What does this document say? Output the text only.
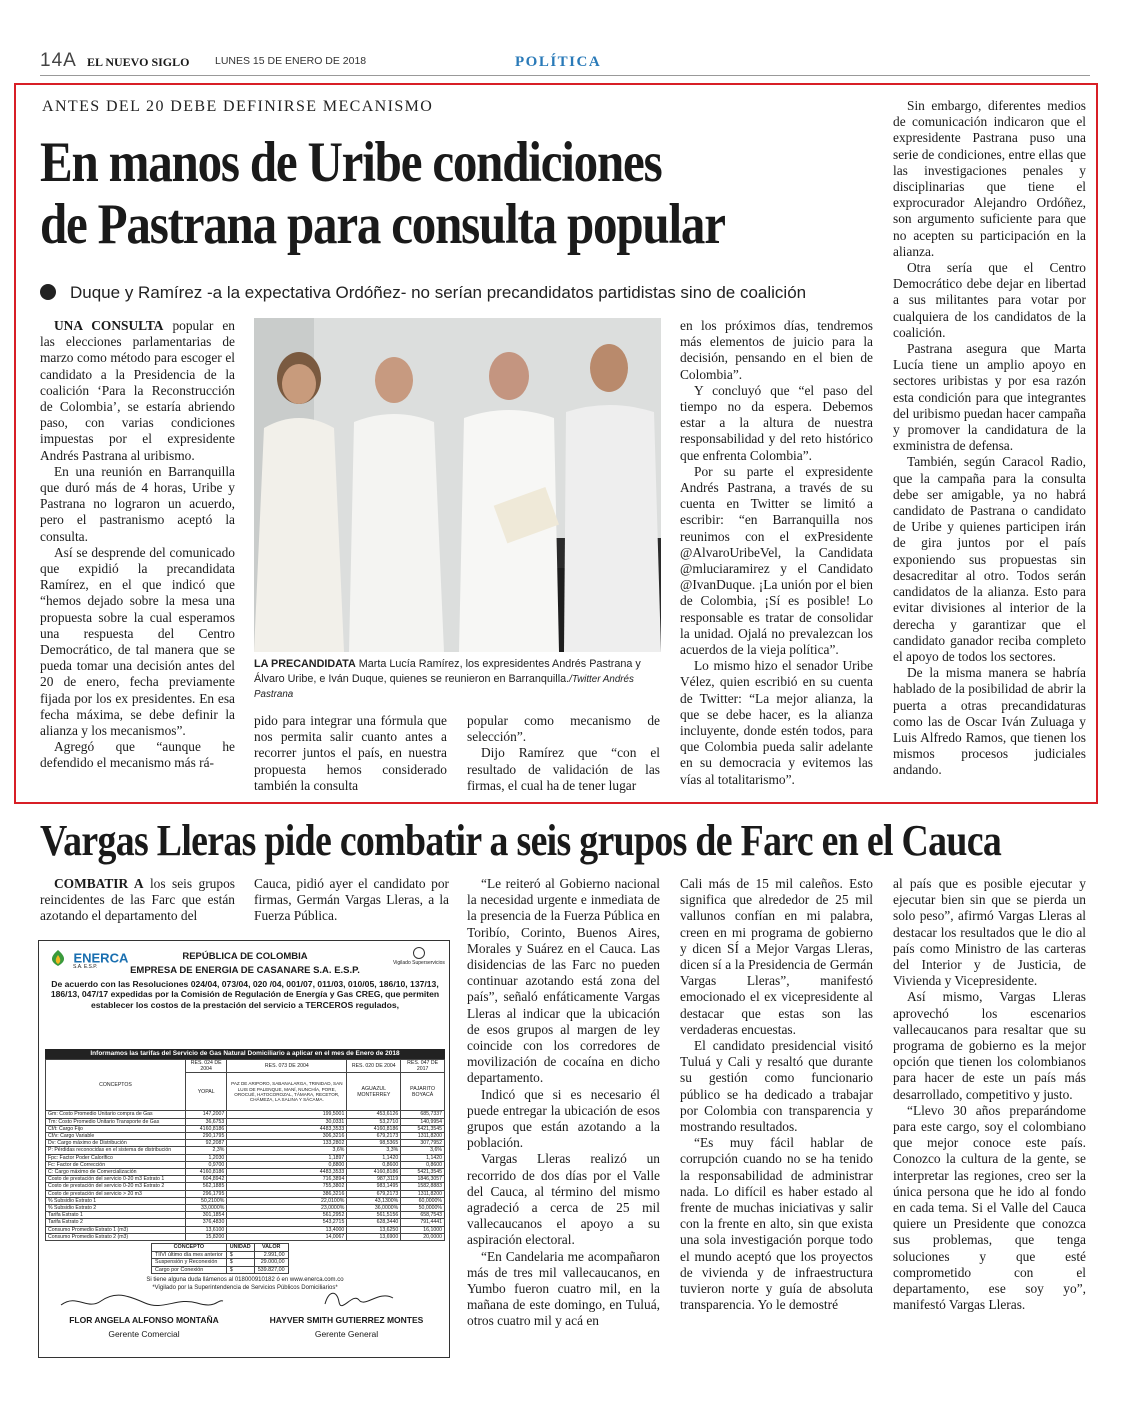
14A EL NUEVO SIGLO LUNES 15 DE ENERO DE 2018	POLÍTICA
ANTES DEL 20 DEBE DEFINIRSE MECANISMO
En manos de Uribe condiciones
de Pastrana para consulta popular
Duque y Ramírez -a la expectativa Ordóñez- no serían precandidatos partidistas sino de coalición

UNA CONSULTA popular en las elecciones parlamentarias de marzo como método para escoger el candidato a la Presidencia de la coalición ‘Para la Reconstrucción de Colombia’, se estaría abriendo paso, con varias condiciones impuestas por el expresidente Andrés Pastrana al uribismo.

En una reunión en Barranquilla que duró más de 4 horas, Uribe y Pastrana no lograron un acuerdo, pero el pastranismo aceptó la consulta.

Así se desprende del comunicado que expidió la precandidata Ramírez, en el que indicó que “hemos dejado sobre la mesa una propuesta sobre la cual esperamos una respuesta del Centro Democrático, de tal manera que se pueda tomar una decisión antes del 20 de enero, fecha previamente fijada por los ex presidentes. En esa fecha máxima, se debe definir la alianza y los mecanismos”.

Agregó que “aunque he defendido el mecanismo más rá-

LA PRECANDIDATA Marta Lucía Ramírez, los expresidentes Andrés Pastrana y Álvaro Uribe, e Iván Duque, quienes se reunieron en Barranquilla./Twitter Andrés Pastrana

pido para integrar una fórmula que nos permita salir cuanto antes a recorrer juntos el país, en nuestra propuesta hemos considerado también la consulta

popular como mecanismo de selección”.

Dijo Ramírez que “con el resultado de validación de las firmas, el cual ha de tener lugar

en los próximos días, tendremos más elementos de juicio para la decisión, pensando en el bien de Colombia”.

Y concluyó que “el paso del tiempo no da espera. Debemos estar a la altura de nuestra responsabilidad y del reto histórico que enfrenta Colombia”.

Por su parte el expresidente Andrés Pastrana, a través de su cuenta en Twitter se limitó a escribir: “en Barranquilla nos reunimos con el exPresidente @AlvaroUribeVel, la Candidata @mluciaramirez y el Candidato @IvanDuque. ¡La unión por el bien de Colombia, ¡Sí es posible! Lo responsable es tratar de consolidar la unidad. Ojalá no prevalezcan los acuerdos de la vieja política”.

Lo mismo hizo el senador Uribe Vélez, quien escribió en su cuenta de Twitter: “La mejor alianza, la que se debe hacer, es la alianza incluyente, donde estén todos, para que Colombia pueda salir adelante en su democracia y evitemos las vías al totalitarismo”.

Sin embargo, diferentes medios de comunicación indicaron que el expresidente Pastrana puso una serie de condiciones, entre ellas que las investigaciones penales y disciplinarias que tiene el exprocurador Alejandro Ordóñez, son argumento suficiente para que no acepten su participación en la alianza.

Otra sería que el Centro Democrático debe dejar en libertad a sus militantes para votar por cualquiera de los candidatos de la coalición.

Pastrana asegura que Marta Lucía tiene un amplio apoyo en sectores uribistas y por esa razón esta condición para que integrantes del uribismo puedan hacer campaña y promover la candidatura de la exministra de defensa.

También, según Caracol Radio, que la campaña para la consulta debe ser amigable, ya no habrá candidato de Pastrana o candidato de Uribe y quienes participen irán de gira juntos por el país exponiendo sus propuestas sin desacreditar al otro. Todos serán candidatos de la alianza. Esto para evitar divisiones al interior de la derecha y garantizar que el candidato ganador reciba completo el apoyo de todos los sectores.

De la misma manera se habría hablado de la posibilidad de abrir la puerta a otras precandidaturas como las de Oscar Iván Zuluaga y Luis Alfredo Ramos, que tienen los mismos procesos judiciales andando.

Vargas Lleras pide combatir a seis grupos de Farc en el Cauca

COMBATIR A los seis grupos reincidentes de las Farc que están azotando el departamento del

Cauca, pidió ayer el candidato por firmas, Germán Vargas Lleras, a la Fuerza Pública.

“Le reiteró al Gobierno nacional la necesidad urgente e inmediata de la presencia de la Fuerza Pública en Toribío, Corinto, Buenos Aires, Morales y Suárez en el Cauca. Las disidencias de las Farc no pueden continuar azotando está zona del país”, señaló enfáticamente Vargas Lleras al indicar que la ubicación de esos grupos al margen de ley coincide con los corredores de movilización de cocaína en dicho departamento.

Indicó que si es necesario él puede entregar la ubicación de esos grupos que están azotando a la población.

Vargas Lleras realizó un recorrido de dos días por el Valle del Cauca, al término del mismo agradeció a cerca de 25 mil vallecaucanos el apoyo a su aspiración electoral.

“En Candelaria me acompañaron más de tres mil vallecaucanos, en Yumbo fueron cuatro mil, en la mañana de este domingo, en Tuluá, otros cuatro mil y acá en

Cali más de 15 mil caleños. Esto significa que alrededor de 25 mil vallunos confían en mi palabra, creen en mi programa de gobierno y dicen SÍ a Mejor Vargas Lleras, dicen sí a la Presidencia de Germán Vargas Lleras”, manifestó emocionado el ex vicepresidente al destacar que estas son las verdaderas encuestas.

El candidato presidencial visitó Tuluá y Cali y resaltó que durante su gestión como funcionario público se ha dedicado a trabajar por Colombia con transparencia y mostrando resultados.

“Es muy fácil hablar de corrupción cuando no se ha tenido la responsabilidad de administrar nada. Lo difícil es haber estado al frente de muchas iniciativas y salir con la frente en alto, sin que exista una sola investigación porque todo el mundo aceptó que los proyectos de vivienda y de infraestructura tuvieron norte y guía de absoluta transparencia. Yo le demostré

al país que es posible ejecutar y ejecutar bien sin que se pierda un solo peso”, afirmó Vargas Lleras al destacar los resultados que le dio al país como Ministro de las carteras del Interior y de Justicia, de Vivienda y Vicepresidente.

Así mismo, Vargas Lleras aprovechó los escenarios vallecaucanos para resaltar que su programa de gobierno es la mejor opción que tienen los colombianos para hacer de este un país más desarrollado, competitivo y justo.

“Llevo 30 años preparándome para este cargo, soy el colombiano que mejor conoce este país. Conozco la cultura de la gente, se interpretar las regiones, creo ser la única persona que he ido al fondo en cada tema. Si el Valle del Cauca quiere un Presidente que conozca sus problemas, que tenga soluciones y que esté comprometido con el departamento, ese soy yo”, manifestó Vargas Lleras.

ENERCA
S.A. E.S.P.
REPÚBLICA DE COLOMBIA
EMPRESA DE ENERGIA DE CASANARE S.A. E.S.P.
Vigilado Superservicios
De acuerdo con las Resoluciones 024/04, 073/04, 020 /04, 001/07, 011/03, 010/05, 186/10, 137/13, 186/13, 047/17 expedidas por la Comisión de Regulación de Energía y Gas CREG, que permiten establecer los costos de la prestación del servicio a TERCEROS regulados,
Informamos las tarifas del Servicio de Gas Natural Domiciliario a aplicar en el mes de Enero de 2018
CONCEPTOS	RES. 024 DE 2004	RES. 073 DE 2004	RES. 020 DE 2004	RES. 047 DE 2017
	YOPAL	PAZ DE ARIPORO, SABANALARGA, TRINIDAD, SAN LUIS DE PALENQUE, MANÍ, NUNCHÍA, PORE, OROCUÉ, HATOCOROZAL, TÁMARA, RECETOR, CHÁMEZA, LA SALINA Y SÁCAMA.	AGUAZUL MONTERREY	PAJARITO BOYACÁ
Gm: Costo Promedio Unitario compra de Gas	147,2007	199,5001	453,6126	685,7337
Tm: Costo Promedio Unitario Transporte de Gas	36,6753	30,0331	53,2710	140,9954
Cf/t: Cargo Fijo	4160,8186	4483,3533	4160,8186	5421,3545
Cf/v: Cargo Variable	290,1795	306,3216	679,2173	1311,8200
Dv: Cargo máximo de Distribución	92,2087	133,2802	98,5365	307,7952
P: Pérdidas reconocidas en el sistema de distribución	2,3%	3,6%	3,3%	3,6%
Fpc: Factor Poder Calorífico	1,2030	1,1897	1,1420	1,1420
Fc: Factor de Corrección	0,9700	0,8800	0,8600	0,8600
C: Cargo máximo de Comercialización	4160,8186	4483,3533	4160,8186	5421,3545
Costo de prestación del servicio 0-20 m3 Estrato 1	604,8942	716,3894	987,3119	1846,3057
Costo de prestación del servicio 0-20 m3 Estrato 2	562,1885	755,3802	983,1495	1582,8883
Costo de prestación del servicio > 20 m3	296,1795	386,3216	679,2173	1311,8200
% Subsidio Estrato 1	50,2100%	22,0100%	43,1300%	60,0000%
% Subsidio Estrato 2	33,0000%	23,0000%	36,0000%	50,0000%
Tarifa Estrato 1	301,1854	561,2952	561,5156	658,7543
Tarifa Estrato 2	376,4830	543,2715	628,3440	791,4441
Consumo Promedio Estrato 1 (m3)	13,6100	13,4000	13,6250	16,1000
Consumo Promedio Estrato 2 (m3)	15,8200	14,0067	13,6900	20,0000
CONCEPTO	UNIDAD	VALOR
TIIVI último día mes anterior	$	2.991,00
Suspensión y Reconexión	$	29.000,00
Cargo por Conexión	$	539.827,00
Si tiene alguna duda llámenos al 018000910182 ó en www.enerca.com.co
*Vigilado por la Superintendencia de Servicios Públicos Domiciliarios*
FLOR ANGELA ALFONSO MONTAÑA
Gerente Comercial
HAYVER SMITH GUTIERREZ MONTES
Gerente General
